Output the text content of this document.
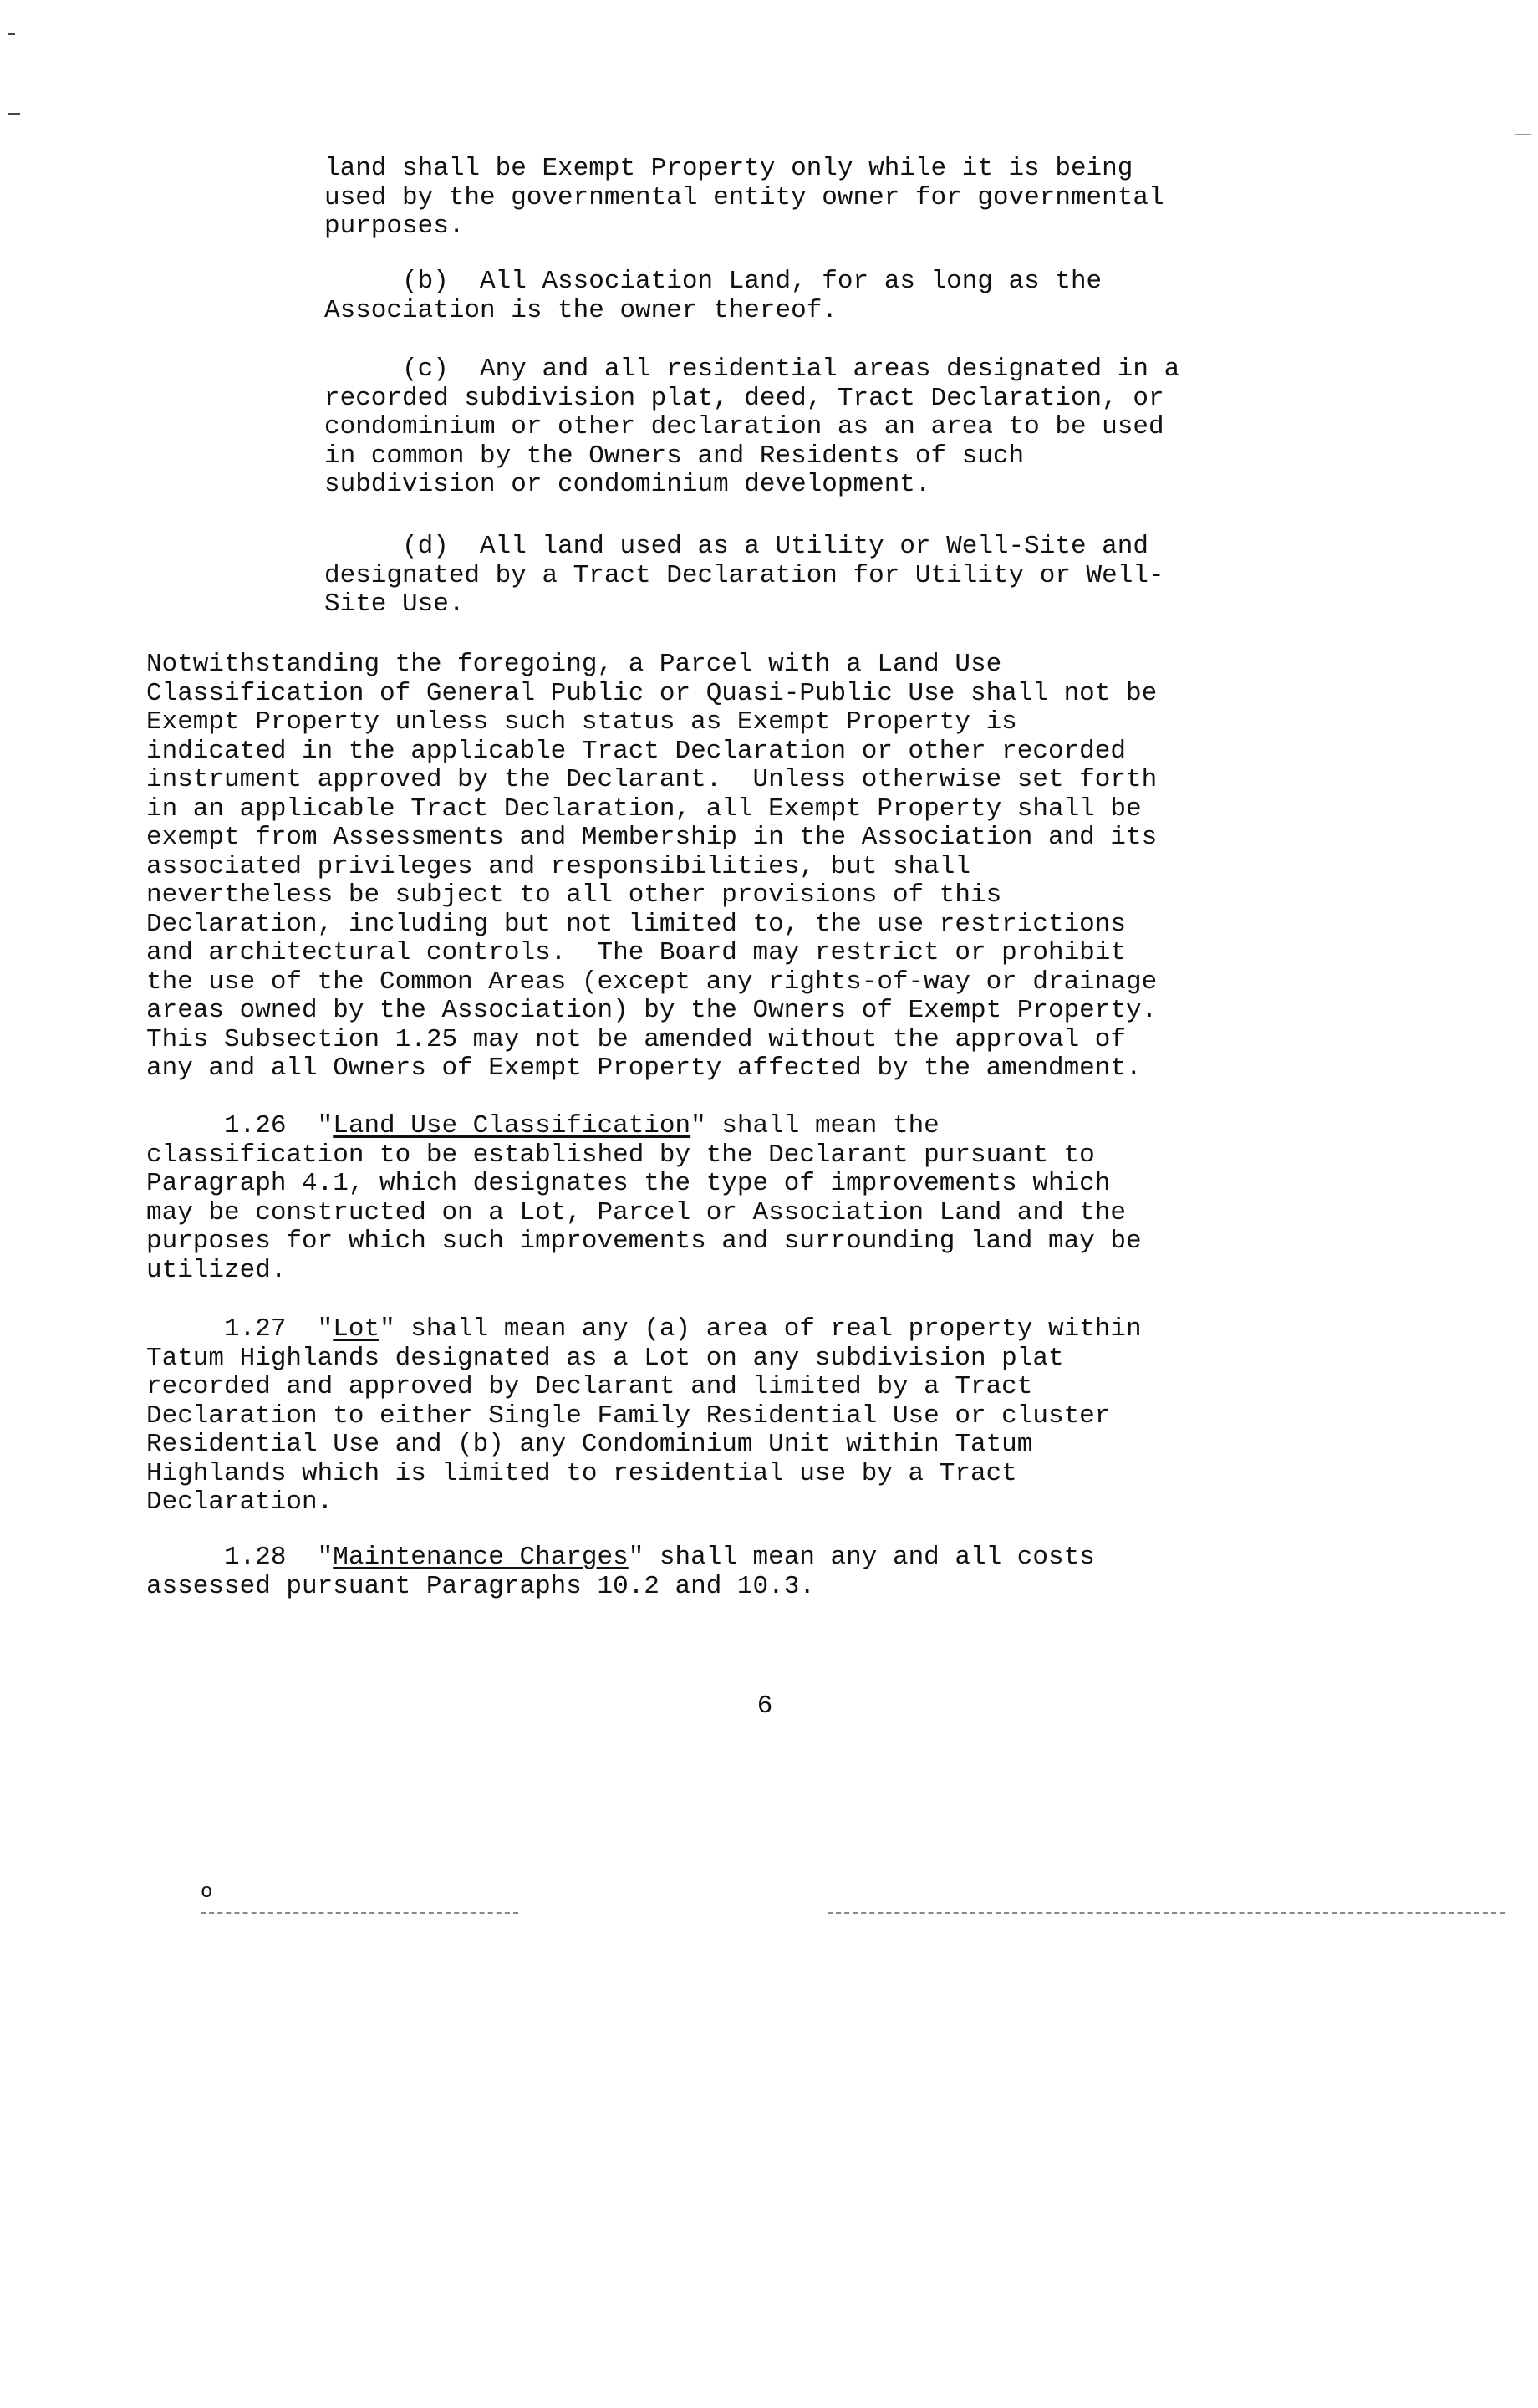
land shall be Exempt Property only while it is being
used by the governmental entity owner for governmental
purposes.

(b)  All Association Land, for as long as the
Association is the owner thereof.

(c)  Any and all residential areas designated in a
recorded subdivision plat, deed, Tract Declaration, or
condominium or other declaration as an area to be used
in common by the Owners and Residents of such
subdivision or condominium development.

(d)  All land used as a Utility or Well-Site and
designated by a Tract Declaration for Utility or Well-
Site Use.

Notwithstanding the foregoing, a Parcel with a Land Use
Classification of General Public or Quasi-Public Use shall not be
Exempt Property unless such status as Exempt Property is
indicated in the applicable Tract Declaration or other recorded
instrument approved by the Declarant.  Unless otherwise set forth
in an applicable Tract Declaration, all Exempt Property shall be
exempt from Assessments and Membership in the Association and its
associated privileges and responsibilities, but shall
nevertheless be subject to all other provisions of this
Declaration, including but not limited to, the use restrictions
and architectural controls.  The Board may restrict or prohibit
the use of the Common Areas (except any rights-of-way or drainage
areas owned by the Association) by the Owners of Exempt Property.
This Subsection 1.25 may not be amended without the approval of
any and all Owners of Exempt Property affected by the amendment.

1.26  "Land Use Classification" shall mean the
classification to be established by the Declarant pursuant to
Paragraph 4.1, which designates the type of improvements which
may be constructed on a Lot, Parcel or Association Land and the
purposes for which such improvements and surrounding land may be
utilized.

1.27  "Lot" shall mean any (a) area of real property within
Tatum Highlands designated as a Lot on any subdivision plat
recorded and approved by Declarant and limited by a Tract
Declaration to either Single Family Residential Use or cluster
Residential Use and (b) any Condominium Unit within Tatum
Highlands which is limited to residential use by a Tract
Declaration.

1.28  "Maintenance Charges" shall mean any and all costs
assessed pursuant Paragraphs 10.2 and 10.3.

6
o
